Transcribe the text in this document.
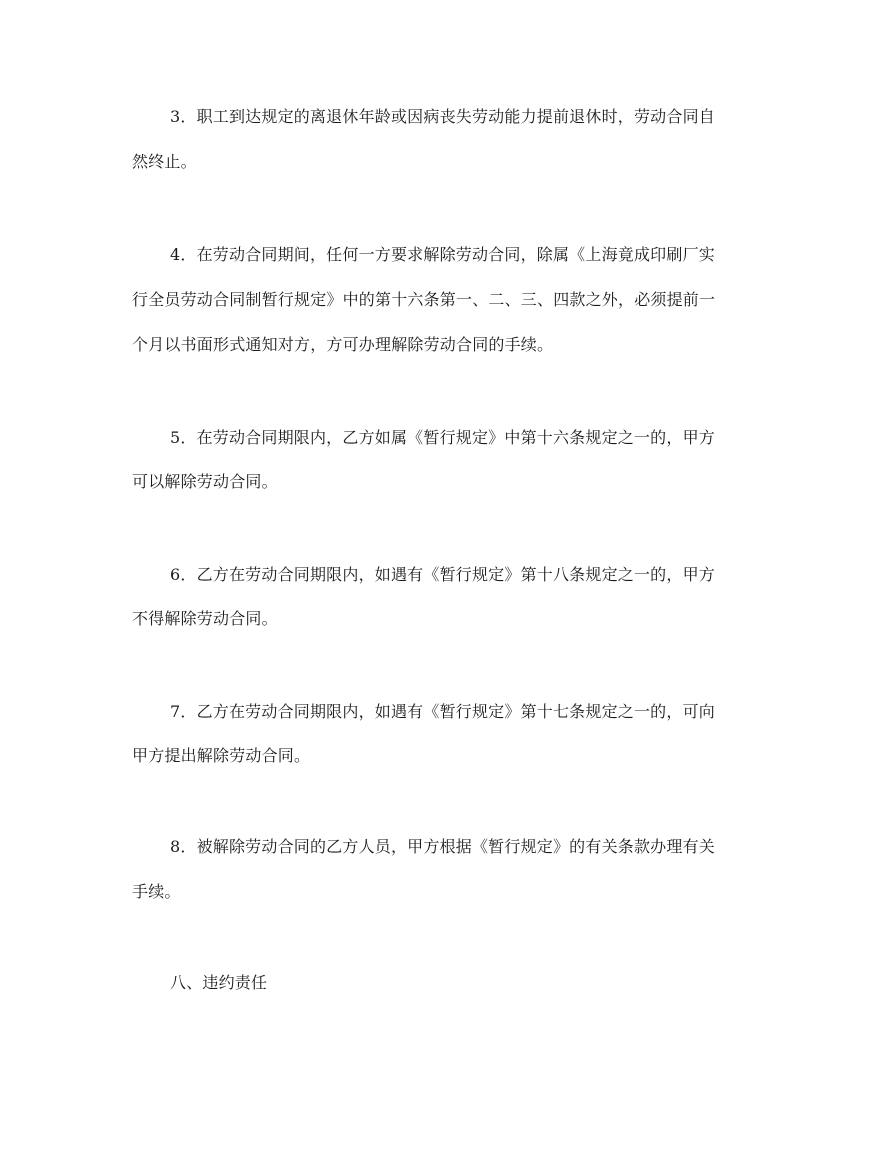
3．职工到达规定的离退休年龄或因病丧失劳动能力提前退休时，劳动合同自
然终止。
4．在劳动合同期间，任何一方要求解除劳动合同，除属《上海竟成印刷厂实
行全员劳动合同制暂行规定》中的第十六条第一、二、三、四款之外，必须提前一
个月以书面形式通知对方，方可办理解除劳动合同的手续。
5．在劳动合同期限内，乙方如属《暂行规定》中第十六条规定之一的，甲方
可以解除劳动合同。
6．乙方在劳动合同期限内，如遇有《暂行规定》第十八条规定之一的，甲方
不得解除劳动合同。
7．乙方在劳动合同期限内，如遇有《暂行规定》第十七条规定之一的，可向
甲方提出解除劳动合同。
8．被解除劳动合同的乙方人员，甲方根据《暂行规定》的有关条款办理有关
手续。
八、违约责任
